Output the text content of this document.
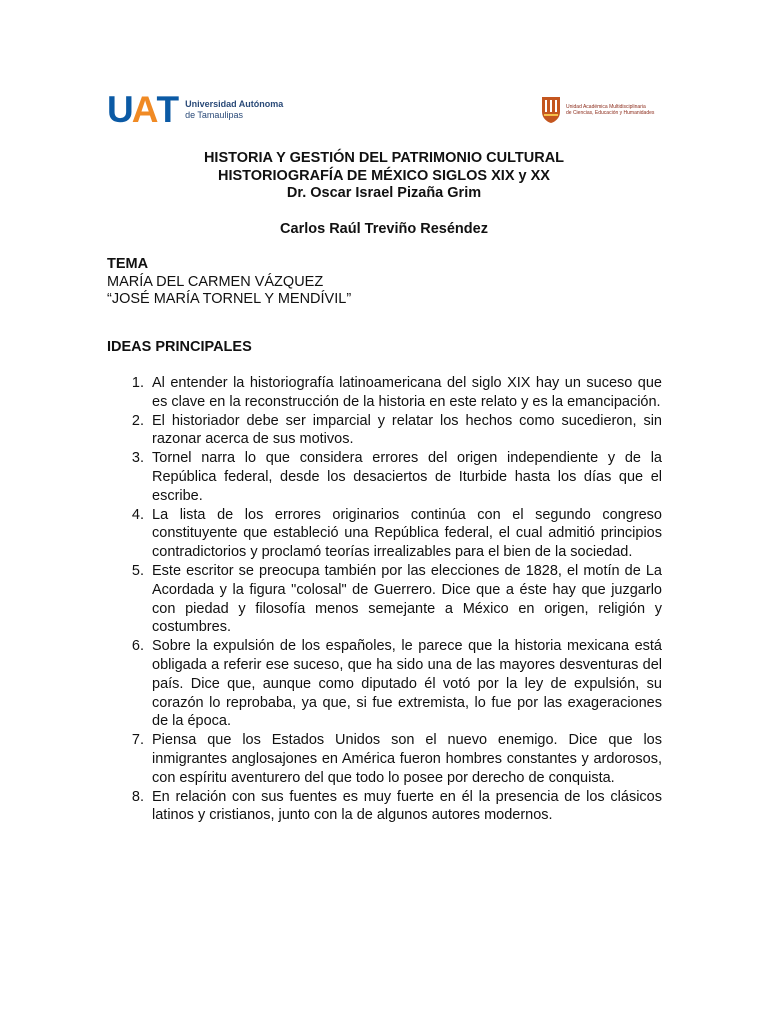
U A T Universidad Autónoma
de Tamaulipas
Unidad Académica Multidisciplinaria
de Ciencias, Educación y Humanidades
HISTORIA Y GESTIÓN DEL PATRIMONIO CULTURAL
HISTORIOGRAFÍA DE MÉXICO SIGLOS XIX y XX
Dr. Oscar Israel Pizaña Grim
Carlos Raúl Treviño Reséndez
TEMA
MARÍA DEL CARMEN VÁZQUEZ
“JOSÉ MARÍA TORNEL Y MENDÍVIL”
IDEAS PRINCIPALES
1. Al entender la historiografía latinoamericana del siglo XIX hay un suceso que es clave en la reconstrucción de la historia en este relato y es la emancipación.
2. El historiador debe ser imparcial y relatar los hechos como sucedieron, sin razonar acerca de sus motivos.
3. Tornel narra lo que considera errores del origen independiente y de la República federal, desde los desaciertos de Iturbide hasta los días que el escribe.
4. La lista de los errores originarios continúa con el segundo congreso constituyente que estableció una República federal, el cual admitió principios contradictorios y proclamó teorías irrealizables para el bien de la sociedad.
5. Este escritor se preocupa también por las elecciones de 1828, el motín de La Acordada y la figura "colosal" de Guerrero. Dice que a éste hay que juzgarlo con piedad y filosofía menos semejante a México en origen, religión y costumbres.
6. Sobre la expulsión de los españoles, le parece que la historia mexicana está obligada a referir ese suceso, que ha sido una de las mayores desventuras del país. Dice que, aunque como diputado él votó por la ley de expulsión, su corazón lo reprobaba, ya que, si fue extremista, lo fue por las exageraciones de la época.
7. Piensa que los Estados Unidos son el nuevo enemigo. Dice que los inmigrantes anglosajones en América fueron hombres constantes y ardorosos, con espíritu aventurero del que todo lo posee por derecho de conquista.
8. En relación con sus fuentes es muy fuerte en él la presencia de los clásicos latinos y cristianos, junto con la de algunos autores modernos.
